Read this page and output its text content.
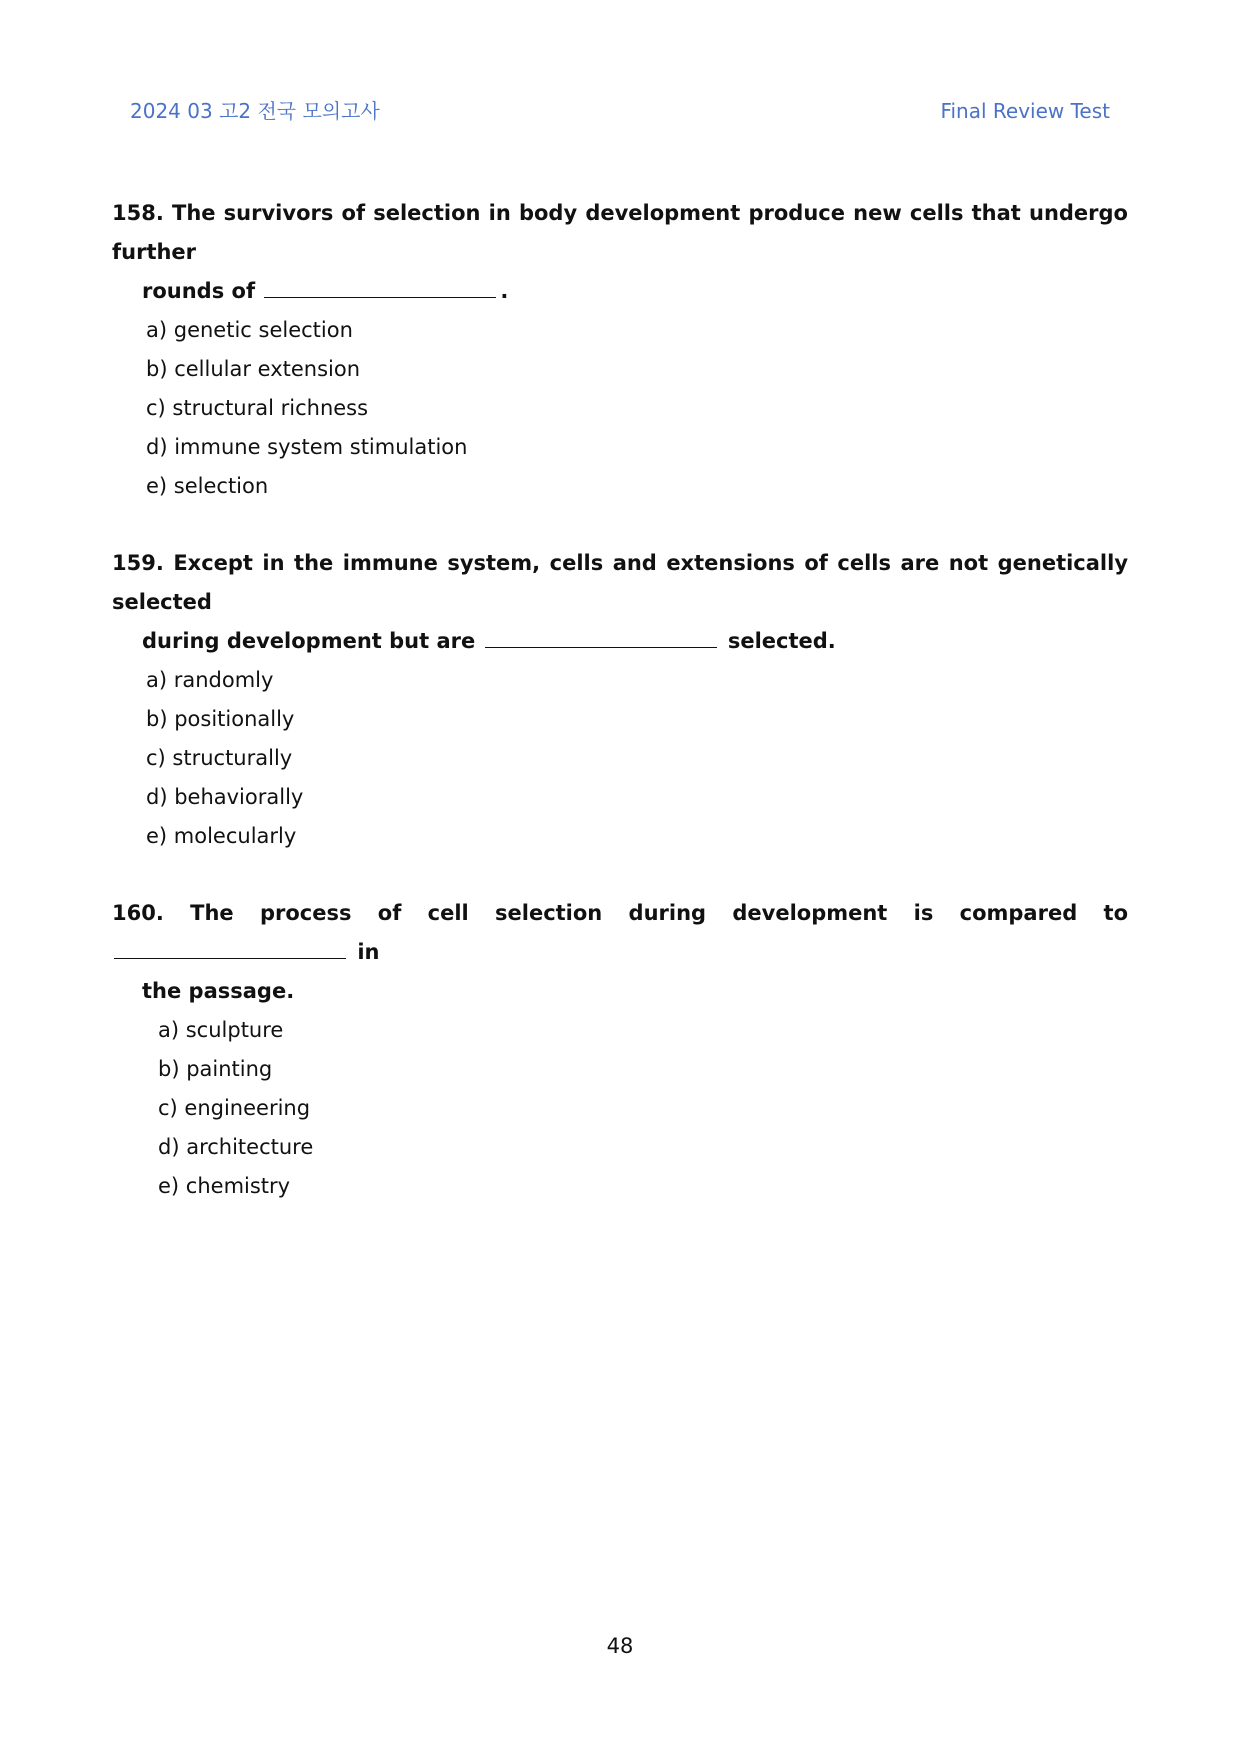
2024 03 고2 전국 모의고사	Final Review Test

158. The survivors of selection in body development produce new cells that undergo further
rounds of	.

a) genetic selection
b) cellular extension
c) structural richness
d) immune system stimulation
e) selection

159. Except in the immune system, cells and extensions of cells are not genetically selected
during development but are	selected.

a) randomly
b) positionally
c) structurally
d) behaviorally
e) molecularly

160. The process of cell selection during development is compared to  in
the passage.

a) sculpture
b) painting
c) engineering
d) architecture
e) chemistry
48
